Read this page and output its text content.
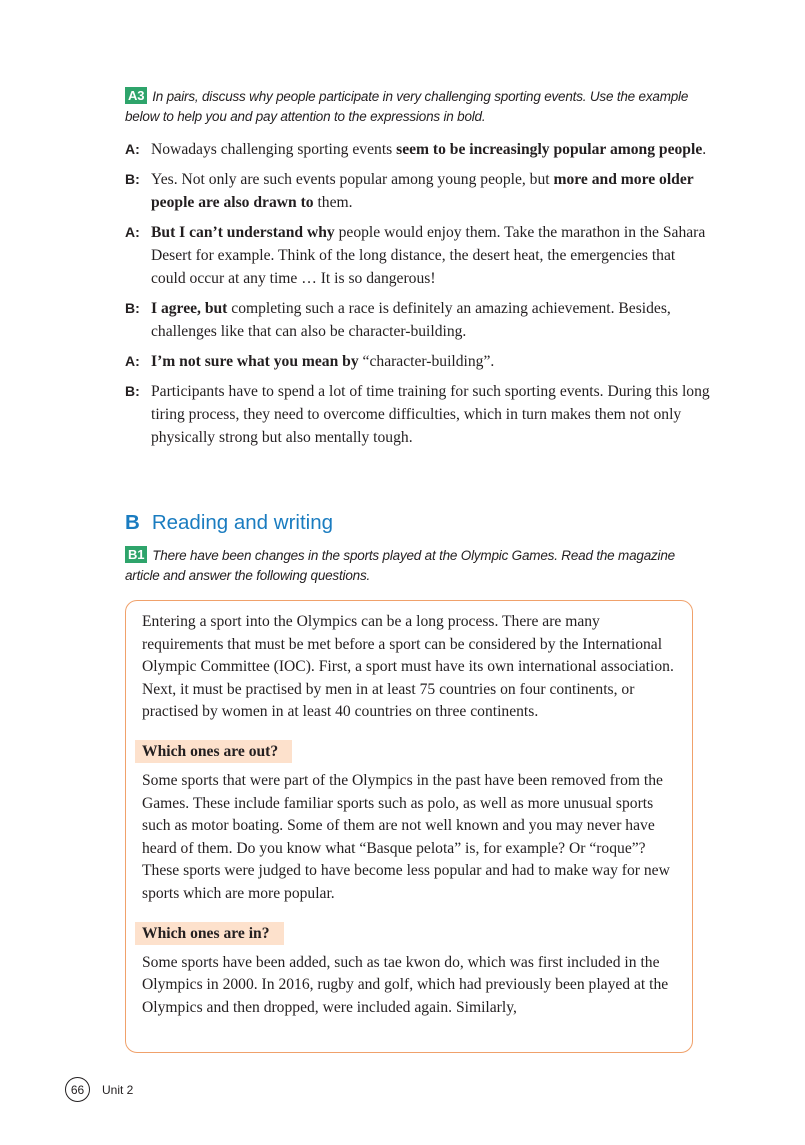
A3 In pairs, discuss why people participate in very challenging sporting events. Use the example below to help you and pay attention to the expressions in bold.
A: Nowadays challenging sporting events seem to be increasingly popular among people.
B: Yes. Not only are such events popular among young people, but more and more older people are also drawn to them.
A: But I can’t understand why people would enjoy them. Take the marathon in the Sahara Desert for example. Think of the long distance, the desert heat, the emergencies that could occur at any time … It is so dangerous!
B: I agree, but completing such a race is definitely an amazing achievement. Besides, challenges like that can also be character-building.
A: I’m not sure what you mean by “character-building”.
B: Participants have to spend a lot of time training for such sporting events. During this long tiring process, they need to overcome difficulties, which in turn makes them not only physically strong but also mentally tough.
B Reading and writing
B1 There have been changes in the sports played at the Olympic Games. Read the magazine article and answer the following questions.

Entering a sport into the Olympics can be a long process. There are many requirements that must be met before a sport can be considered by the International Olympic Committee (IOC). First, a sport must have its own international association. Next, it must be practised by men in at least 75 countries on four continents, or practised by women in at least 40 countries on three continents.

Which ones are out?

Some sports that were part of the Olympics in the past have been removed from the Games. These include familiar sports such as polo, as well as more unusual sports such as motor boating. Some of them are not well known and you may never have heard of them. Do you know what “Basque pelota” is, for example? Or “roque”? These sports were judged to have become less popular and had to make way for new sports which are more popular.

Which ones are in?

Some sports have been added, such as tae kwon do, which was first included in the Olympics in 2000. In 2016, rugby and golf, which had previously been played at the Olympics and then dropped, were included again. Similarly,

66	Unit 2
